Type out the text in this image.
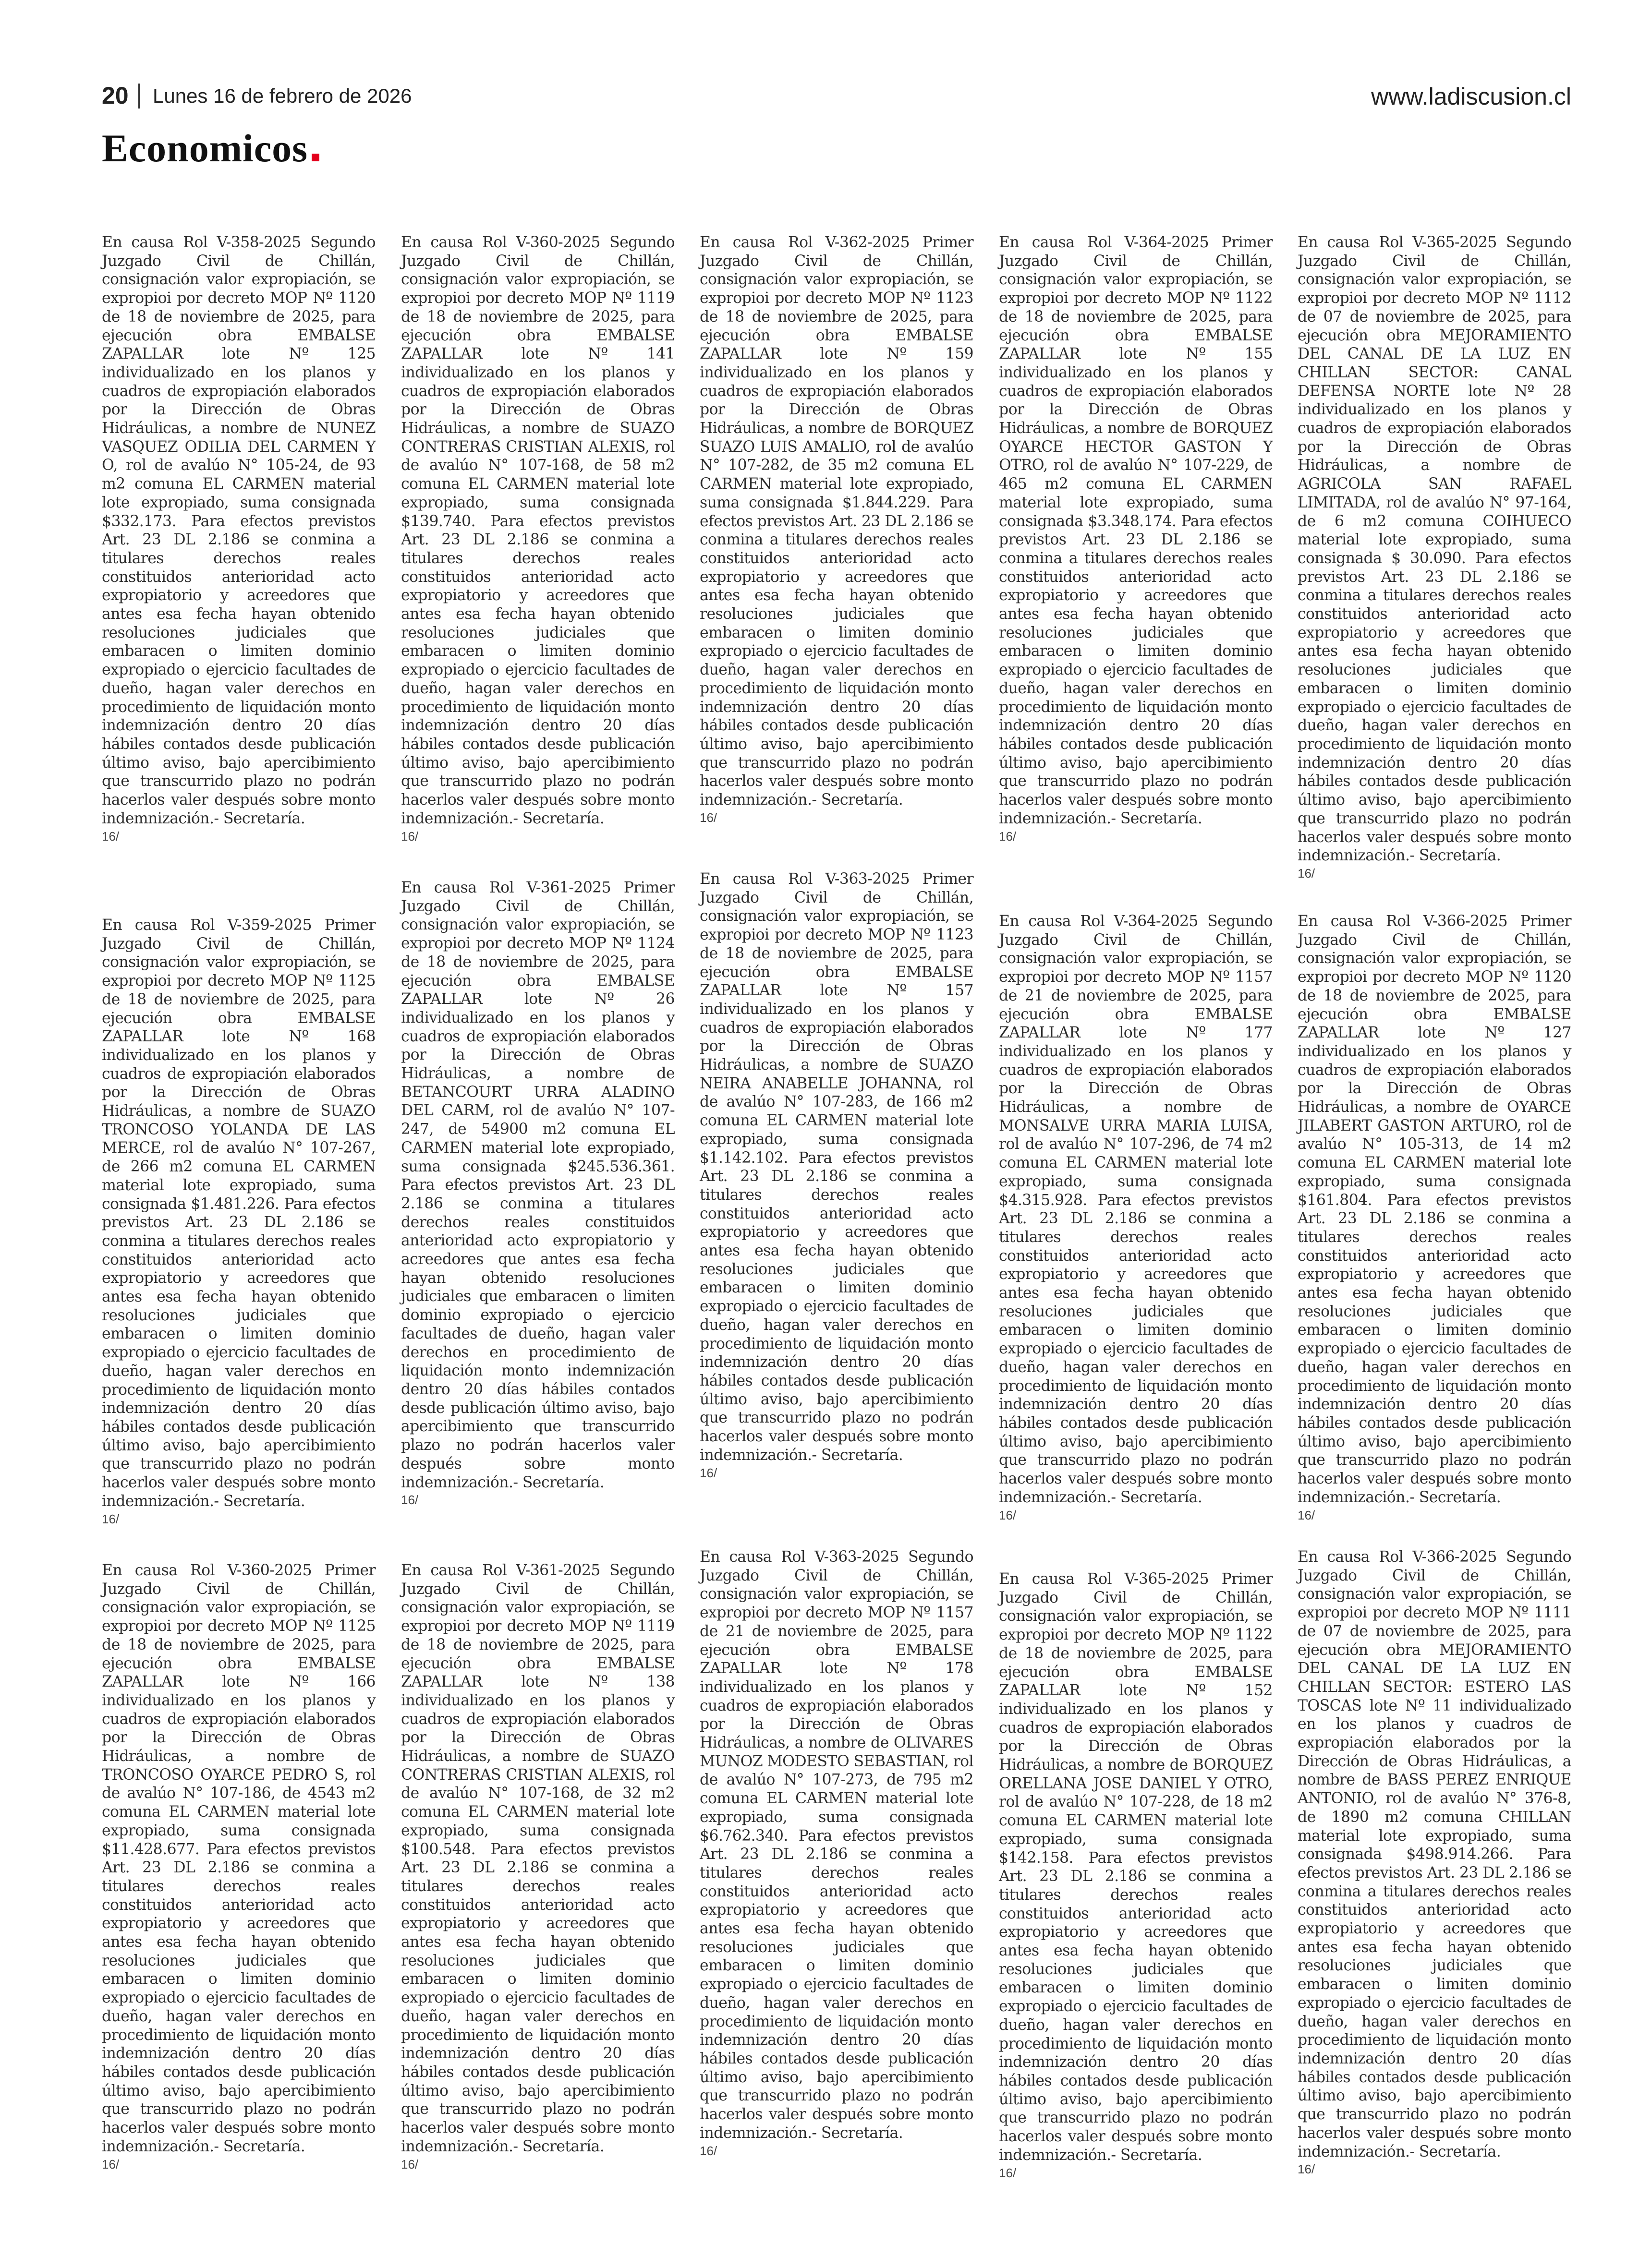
20 Lunes 16 de febrero de 2026	www.ladiscusion.cl
Economicos
En causa Rol V-358-2025 Segundo Juzgado Civil de Chillán, consignación valor expropiación, se expropioi por decreto MOP Nº 1120 de 18 de noviembre de 2025, para ejecución obra EMBALSE ZAPALLAR lote Nº 125 individualizado en los planos y cuadros de expropiación elaborados por la Dirección de Obras Hidráulicas, a nombre de NUNEZ VASQUEZ ODILIA DEL CARMEN Y O, rol de avalúo N° 105-24, de 93 m2 comuna EL CARMEN material lote expropiado, suma consignada $332.173. Para efectos previstos Art. 23 DL 2.186 se conmina a titulares derechos reales constituidos anterioridad acto expropiatorio y acreedores que antes esa fecha hayan obtenido resoluciones judiciales que embaracen o limiten dominio expropiado o ejercicio facultades de dueño, hagan valer derechos en procedimiento de liquidación monto indemnización dentro 20 días hábiles contados desde publicación último aviso, bajo apercibimiento que transcurrido plazo no podrán hacerlos valer después sobre monto indemnización.- Secretaría.
16/
En causa Rol V-359-2025 Primer Juzgado Civil de Chillán, consignación valor expropiación, se expropioi por decreto MOP Nº 1125 de 18 de noviembre de 2025, para ejecución obra EMBALSE ZAPALLAR lote Nº 168 individualizado en los planos y cuadros de expropiación elaborados por la Dirección de Obras Hidráulicas, a nombre de SUAZO TRONCOSO YOLANDA DE LAS MERCE, rol de avalúo N° 107-267, de 266 m2 comuna EL CARMEN material lote expropiado, suma consignada $1.481.226. Para efectos previstos Art. 23 DL 2.186 se conmina a titulares derechos reales constituidos anterioridad acto expropiatorio y acreedores que antes esa fecha hayan obtenido resoluciones judiciales que embaracen o limiten dominio expropiado o ejercicio facultades de dueño, hagan valer derechos en procedimiento de liquidación monto indemnización dentro 20 días hábiles contados desde publicación último aviso, bajo apercibimiento que transcurrido plazo no podrán hacerlos valer después sobre monto indemnización.- Secretaría.
16/
En causa Rol V-360-2025 Primer Juzgado Civil de Chillán, consignación valor expropiación, se expropioi por decreto MOP Nº 1125 de 18 de noviembre de 2025, para ejecución obra EMBALSE ZAPALLAR lote Nº 166 individualizado en los planos y cuadros de expropiación elaborados por la Dirección de Obras Hidráulicas, a nombre de TRONCOSO OYARCE PEDRO S, rol de avalúo N° 107-186, de 4543 m2 comuna EL CARMEN material lote expropiado, suma consignada $11.428.677. Para efectos previstos Art. 23 DL 2.186 se conmina a titulares derechos reales constituidos anterioridad acto expropiatorio y acreedores que antes esa fecha hayan obtenido resoluciones judiciales que embaracen o limiten dominio expropiado o ejercicio facultades de dueño, hagan valer derechos en procedimiento de liquidación monto indemnización dentro 20 días hábiles contados desde publicación último aviso, bajo apercibimiento que transcurrido plazo no podrán hacerlos valer después sobre monto indemnización.- Secretaría.
16/
En causa Rol V-360-2025 Segundo Juzgado Civil de Chillán, consignación valor expropiación, se expropioi por decreto MOP Nº 1119 de 18 de noviembre de 2025, para ejecución obra EMBALSE ZAPALLAR lote Nº 141 individualizado en los planos y cuadros de expropiación elaborados por la Dirección de Obras Hidráulicas, a nombre de SUAZO CONTRERAS CRISTIAN ALEXIS, rol de avalúo N° 107-168, de 58 m2 comuna EL CARMEN material lote expropiado, suma consignada $139.740. Para efectos previstos Art. 23 DL 2.186 se conmina a titulares derechos reales constituidos anterioridad acto expropiatorio y acreedores que antes esa fecha hayan obtenido resoluciones judiciales que embaracen o limiten dominio expropiado o ejercicio facultades de dueño, hagan valer derechos en procedimiento de liquidación monto indemnización dentro 20 días hábiles contados desde publicación último aviso, bajo apercibimiento que transcurrido plazo no podrán hacerlos valer después sobre monto indemnización.- Secretaría.
16/
En causa Rol V-361-2025 Primer Juzgado Civil de Chillán, consignación valor expropiación, se expropioi por decreto MOP Nº 1124 de 18 de noviembre de 2025, para ejecución obra EMBALSE ZAPALLAR lote Nº 26 individualizado en los planos y cuadros de expropiación elaborados por la Dirección de Obras Hidráulicas, a nombre de BETANCOURT URRA ALADINO DEL CARM, rol de avalúo N° 107-247, de 54900 m2 comuna EL CARMEN material lote expropiado, suma consignada $245.536.361. Para efectos previstos Art. 23 DL 2.186 se conmina a titulares derechos reales constituidos anterioridad acto expropiatorio y acreedores que antes esa fecha hayan obtenido resoluciones judiciales que embaracen o limiten dominio expropiado o ejercicio facultades de dueño, hagan valer derechos en procedimiento de liquidación monto indemnización dentro 20 días hábiles contados desde publicación último aviso, bajo apercibimiento que transcurrido plazo no podrán hacerlos valer después sobre monto indemnización.- Secretaría.
16/
En causa Rol V-361-2025 Segundo Juzgado Civil de Chillán, consignación valor expropiación, se expropioi por decreto MOP Nº 1119 de 18 de noviembre de 2025, para ejecución obra EMBALSE ZAPALLAR lote Nº 138 individualizado en los planos y cuadros de expropiación elaborados por la Dirección de Obras Hidráulicas, a nombre de SUAZO CONTRERAS CRISTIAN ALEXIS, rol de avalúo N° 107-168, de 32 m2 comuna EL CARMEN material lote expropiado, suma consignada $100.548. Para efectos previstos Art. 23 DL 2.186 se conmina a titulares derechos reales constituidos anterioridad acto expropiatorio y acreedores que antes esa fecha hayan obtenido resoluciones judiciales que embaracen o limiten dominio expropiado o ejercicio facultades de dueño, hagan valer derechos en procedimiento de liquidación monto indemnización dentro 20 días hábiles contados desde publicación último aviso, bajo apercibimiento que transcurrido plazo no podrán hacerlos valer después sobre monto indemnización.- Secretaría.
16/
En causa Rol V-362-2025 Primer Juzgado Civil de Chillán, consignación valor expropiación, se expropioi por decreto MOP Nº 1123 de 18 de noviembre de 2025, para ejecución obra EMBALSE ZAPALLAR lote Nº 159 individualizado en los planos y cuadros de expropiación elaborados por la Dirección de Obras Hidráulicas, a nombre de BORQUEZ SUAZO LUIS AMALIO, rol de avalúo N° 107-282, de 35 m2 comuna EL CARMEN material lote expropiado, suma consignada $1.844.229. Para efectos previstos Art. 23 DL 2.186 se conmina a titulares derechos reales constituidos anterioridad acto expropiatorio y acreedores que antes esa fecha hayan obtenido resoluciones judiciales que embaracen o limiten dominio expropiado o ejercicio facultades de dueño, hagan valer derechos en procedimiento de liquidación monto indemnización dentro 20 días hábiles contados desde publicación último aviso, bajo apercibimiento que transcurrido plazo no podrán hacerlos valer después sobre monto indemnización.- Secretaría.
16/
En causa Rol V-363-2025 Primer Juzgado Civil de Chillán, consignación valor expropiación, se expropioi por decreto MOP Nº 1123 de 18 de noviembre de 2025, para ejecución obra EMBALSE ZAPALLAR lote Nº 157 individualizado en los planos y cuadros de expropiación elaborados por la Dirección de Obras Hidráulicas, a nombre de SUAZO NEIRA ANABELLE JOHANNA, rol de avalúo N° 107-283, de 166 m2 comuna EL CARMEN material lote expropiado, suma consignada $1.142.102. Para efectos previstos Art. 23 DL 2.186 se conmina a titulares derechos reales constituidos anterioridad acto expropiatorio y acreedores que antes esa fecha hayan obtenido resoluciones judiciales que embaracen o limiten dominio expropiado o ejercicio facultades de dueño, hagan valer derechos en procedimiento de liquidación monto indemnización dentro 20 días hábiles contados desde publicación último aviso, bajo apercibimiento que transcurrido plazo no podrán hacerlos valer después sobre monto indemnización.- Secretaría.
16/
En causa Rol V-363-2025 Segundo Juzgado Civil de Chillán, consignación valor expropiación, se expropioi por decreto MOP Nº 1157 de 21 de noviembre de 2025, para ejecución obra EMBALSE ZAPALLAR lote Nº 178 individualizado en los planos y cuadros de expropiación elaborados por la Dirección de Obras Hidráulicas, a nombre de OLIVARES MUNOZ MODESTO SEBASTIAN, rol de avalúo N° 107-273, de 795 m2 comuna EL CARMEN material lote expropiado, suma consignada $6.762.340. Para efectos previstos Art. 23 DL 2.186 se conmina a titulares derechos reales constituidos anterioridad acto expropiatorio y acreedores que antes esa fecha hayan obtenido resoluciones judiciales que embaracen o limiten dominio expropiado o ejercicio facultades de dueño, hagan valer derechos en procedimiento de liquidación monto indemnización dentro 20 días hábiles contados desde publicación último aviso, bajo apercibimiento que transcurrido plazo no podrán hacerlos valer después sobre monto indemnización.- Secretaría.
16/
En causa Rol V-364-2025 Primer Juzgado Civil de Chillán, consignación valor expropiación, se expropioi por decreto MOP Nº 1122 de 18 de noviembre de 2025, para ejecución obra EMBALSE ZAPALLAR lote Nº 155 individualizado en los planos y cuadros de expropiación elaborados por la Dirección de Obras Hidráulicas, a nombre de BORQUEZ OYARCE HECTOR GASTON Y OTRO, rol de avalúo N° 107-229, de 465 m2 comuna EL CARMEN material lote expropiado, suma consignada $3.348.174. Para efectos previstos Art. 23 DL 2.186 se conmina a titulares derechos reales constituidos anterioridad acto expropiatorio y acreedores que antes esa fecha hayan obtenido resoluciones judiciales que embaracen o limiten dominio expropiado o ejercicio facultades de dueño, hagan valer derechos en procedimiento de liquidación monto indemnización dentro 20 días hábiles contados desde publicación último aviso, bajo apercibimiento que transcurrido plazo no podrán hacerlos valer después sobre monto indemnización.- Secretaría.
16/
En causa Rol V-364-2025 Segundo Juzgado Civil de Chillán, consignación valor expropiación, se expropioi por decreto MOP Nº 1157 de 21 de noviembre de 2025, para ejecución obra EMBALSE ZAPALLAR lote Nº 177 individualizado en los planos y cuadros de expropiación elaborados por la Dirección de Obras Hidráulicas, a nombre de MONSALVE URRA MARIA LUISA, rol de avalúo N° 107-296, de 74 m2 comuna EL CARMEN material lote expropiado, suma consignada $4.315.928. Para efectos previstos Art. 23 DL 2.186 se conmina a titulares derechos reales constituidos anterioridad acto expropiatorio y acreedores que antes esa fecha hayan obtenido resoluciones judiciales que embaracen o limiten dominio expropiado o ejercicio facultades de dueño, hagan valer derechos en procedimiento de liquidación monto indemnización dentro 20 días hábiles contados desde publicación último aviso, bajo apercibimiento que transcurrido plazo no podrán hacerlos valer después sobre monto indemnización.- Secretaría.
16/
En causa Rol V-365-2025 Primer Juzgado Civil de Chillán, consignación valor expropiación, se expropioi por decreto MOP Nº 1122 de 18 de noviembre de 2025, para ejecución obra EMBALSE ZAPALLAR lote Nº 152 individualizado en los planos y cuadros de expropiación elaborados por la Dirección de Obras Hidráulicas, a nombre de BORQUEZ ORELLANA JOSE DANIEL Y OTRO, rol de avalúo N° 107-228, de 18 m2 comuna EL CARMEN material lote expropiado, suma consignada $142.158. Para efectos previstos Art. 23 DL 2.186 se conmina a titulares derechos reales constituidos anterioridad acto expropiatorio y acreedores que antes esa fecha hayan obtenido resoluciones judiciales que embaracen o limiten dominio expropiado o ejercicio facultades de dueño, hagan valer derechos en procedimiento de liquidación monto indemnización dentro 20 días hábiles contados desde publicación último aviso, bajo apercibimiento que transcurrido plazo no podrán hacerlos valer después sobre monto indemnización.- Secretaría.
16/
En causa Rol V-365-2025 Segundo Juzgado Civil de Chillán, consignación valor expropiación, se expropioi por decreto MOP Nº 1112 de 07 de noviembre de 2025, para ejecución obra MEJORAMIENTO DEL CANAL DE LA LUZ EN CHILLAN SECTOR: CANAL DEFENSA NORTE lote Nº 28 individualizado en los planos y cuadros de expropiación elaborados por la Dirección de Obras Hidráulicas, a nombre de AGRICOLA SAN RAFAEL LIMITADA, rol de avalúo N° 97-164, de 6 m2 comuna COIHUECO material lote expropiado, suma consignada $ 30.090. Para efectos previstos Art. 23 DL 2.186 se conmina a titulares derechos reales constituidos anterioridad acto expropiatorio y acreedores que antes esa fecha hayan obtenido resoluciones judiciales que embaracen o limiten dominio expropiado o ejercicio facultades de dueño, hagan valer derechos en procedimiento de liquidación monto indemnización dentro 20 días hábiles contados desde publicación último aviso, bajo apercibimiento que transcurrido plazo no podrán hacerlos valer después sobre monto indemnización.- Secretaría.
16/
En causa Rol V-366-2025 Primer Juzgado Civil de Chillán, consignación valor expropiación, se expropioi por decreto MOP Nº 1120 de 18 de noviembre de 2025, para ejecución obra EMBALSE ZAPALLAR lote Nº 127 individualizado en los planos y cuadros de expropiación elaborados por la Dirección de Obras Hidráulicas, a nombre de OYARCE JILABERT GASTON ARTURO, rol de avalúo N° 105-313, de 14 m2 comuna EL CARMEN material lote expropiado, suma consignada $161.804. Para efectos previstos Art. 23 DL 2.186 se conmina a titulares derechos reales constituidos anterioridad acto expropiatorio y acreedores que antes esa fecha hayan obtenido resoluciones judiciales que embaracen o limiten dominio expropiado o ejercicio facultades de dueño, hagan valer derechos en procedimiento de liquidación monto indemnización dentro 20 días hábiles contados desde publicación último aviso, bajo apercibimiento que transcurrido plazo no podrán hacerlos valer después sobre monto indemnización.- Secretaría.
16/
En causa Rol V-366-2025 Segundo Juzgado Civil de Chillán, consignación valor expropiación, se expropioi por decreto MOP Nº 1111 de 07 de noviembre de 2025, para ejecución obra MEJORAMIENTO DEL CANAL DE LA LUZ EN CHILLAN SECTOR: ESTERO LAS TOSCAS lote Nº 11 individualizado en los planos y cuadros de expropiación elaborados por la Dirección de Obras Hidráulicas, a nombre de BASS PEREZ ENRIQUE ANTONIO, rol de avalúo N° 376-8, de 1890 m2 comuna CHILLAN material lote expropiado, suma consignada $498.914.266. Para efectos previstos Art. 23 DL 2.186 se conmina a titulares derechos reales constituidos anterioridad acto expropiatorio y acreedores que antes esa fecha hayan obtenido resoluciones judiciales que embaracen o limiten dominio expropiado o ejercicio facultades de dueño, hagan valer derechos en procedimiento de liquidación monto indemnización dentro 20 días hábiles contados desde publicación último aviso, bajo apercibimiento que transcurrido plazo no podrán hacerlos valer después sobre monto indemnización.- Secretaría.
16/
